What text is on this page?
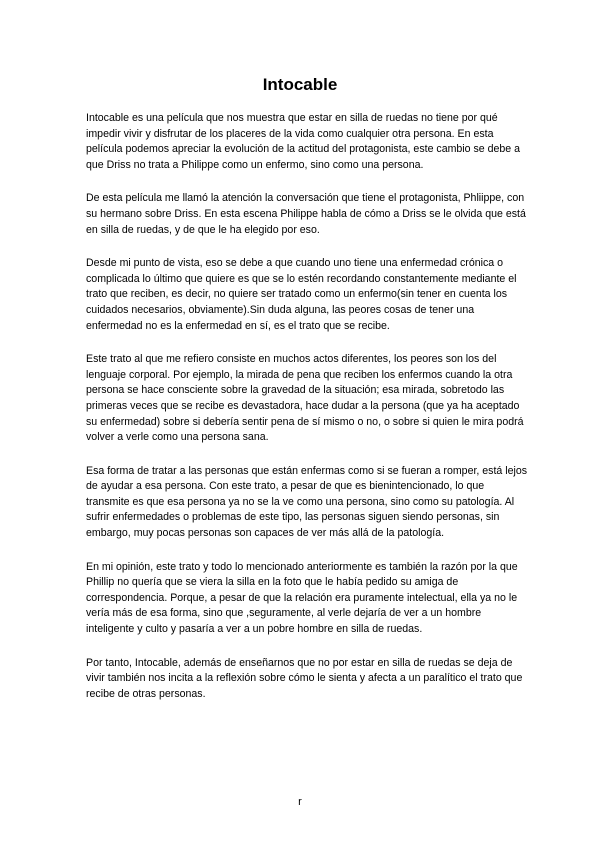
Intocable

Intocable es una película que nos muestra que estar en silla de ruedas no tiene por qué impedir vivir y disfrutar de los placeres de la vida como cualquier otra persona. En esta película podemos apreciar la evolución de la actitud del protagonista, este cambio se debe a que Driss no trata a Philippe como un enfermo, sino como una persona.

De esta película me llamó la atención la conversación que tiene el protagonista, Phliippe, con su hermano sobre Driss. En esta escena Philippe habla de cómo a Driss se le olvida que está en silla de ruedas, y de que le ha elegido por eso.

Desde mi punto de vista, eso se debe a que cuando uno tiene una enfermedad crónica o complicada lo último que quiere es que se lo estén recordando constantemente mediante el trato que reciben, es decir, no quiere ser tratado como un enfermo(sin tener en cuenta los cuidados necesarios, obviamente).Sin duda alguna, las peores cosas de tener una enfermedad no es la enfermedad en sí, es el trato que se recibe.

Este trato al que me refiero consiste en muchos actos diferentes, los peores son los del lenguaje corporal. Por ejemplo, la mirada de pena que reciben los enfermos cuando la otra persona se hace consciente sobre la gravedad de la situación; esa mirada, sobretodo las primeras veces que se recibe es devastadora, hace dudar a la persona (que ya ha aceptado su enfermedad) sobre si debería sentir pena de sí mismo o no, o sobre si quien le mira podrá volver a verle como una persona sana.

Esa forma de tratar a las personas que están enfermas como si se fueran a romper, está lejos de ayudar a esa persona. Con este trato, a pesar de que es bienintencionado, lo que transmite es que esa persona ya no se la ve como una persona, sino como su patología. Al sufrir enfermedades o problemas de este tipo, las personas siguen siendo personas, sin embargo, muy pocas personas son capaces de ver más allá de la patología.

En mi opinión, este trato y todo lo mencionado anteriormente es también la razón por la que Phillip no quería que se viera la silla en la foto que le había pedido su amiga de correspondencia. Porque, a pesar de que la relación era puramente intelectual, ella ya no le vería más de esa forma, sino que ,seguramente, al verle dejaría de ver a un hombre inteligente y culto y pasaría a ver a un pobre hombre en silla de ruedas.

Por tanto, Intocable, además de enseñarnos que no por estar en silla de ruedas se deja de vivir también nos incita a la reflexión sobre cómo le sienta y afecta a un paralítico el trato que recibe de otras personas.

r
